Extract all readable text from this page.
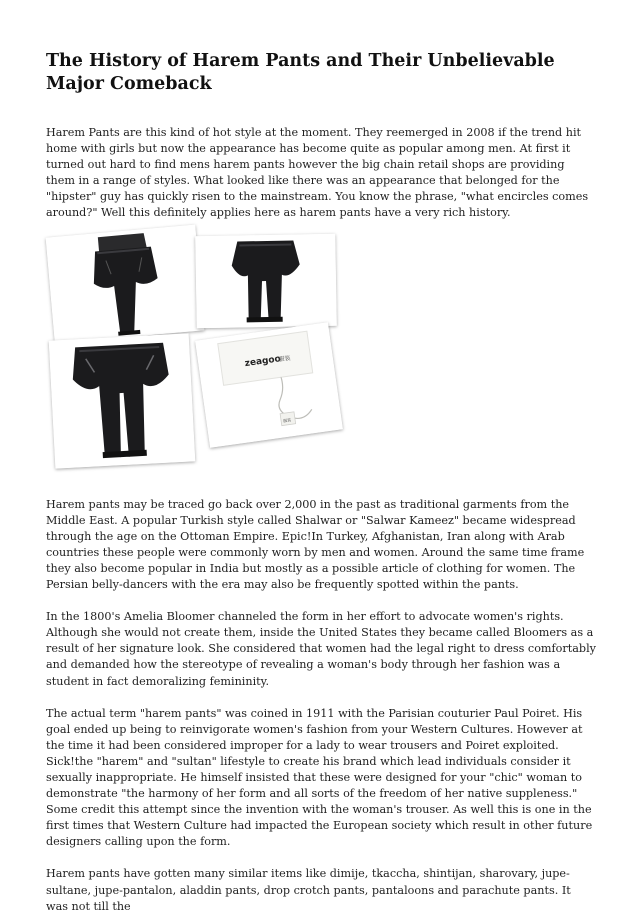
The History of Harem Pants and Their Unbelievable Major Comeback

Harem Pants are this kind of hot style at the moment. They reemerged in 2008 if the trend hit home with girls but now the appearance has become quite as popular among men. At first it turned out hard to find mens harem pants however the big chain retail shops are providing them in a range of styles. What looked like there was an appearance that belonged for the "hipster" guy has quickly risen to the mainstream. You know the phrase, "what encircles comes around?" Well this definitely applies here as harem pants have a very rich history.

zeagoo
服装
服装

Harem pants may be traced go back over 2,000 in the past as traditional garments from the Middle East. A popular Turkish style called Shalwar or "Salwar Kameez" became widespread through the age on the Ottoman Empire. Epic!In Turkey, Afghanistan, Iran along with Arab countries these people were commonly worn by men and women. Around the same time frame they also become popular in India but mostly as a possible article of clothing for women. The Persian belly-dancers with the era may also be frequently spotted within the pants.

In the 1800's Amelia Bloomer channeled the form in her effort to advocate women's rights. Although she would not create them, inside the United States they became called Bloomers as a result of her signature look. She considered that women had the legal right to dress comfortably and demanded how the stereotype of revealing a woman's body through her fashion was a student in fact demoralizing femininity.

The actual term "harem pants" was coined in 1911 with the Parisian couturier Paul Poiret. His goal ended up being to reinvigorate women's fashion from your Western Cultures. However at the time it had been considered improper for a lady to wear trousers and Poiret exploited. Sick!the "harem" and "sultan" lifestyle to create his brand which lead individuals consider it sexually inappropriate. He himself insisted that these were designed for your "chic" woman to demonstrate "the harmony of her form and all sorts of the freedom of her native suppleness." Some credit this attempt since the invention with the woman's trouser. As well this is one in the first times that Western Culture had impacted the European society which result in other future designers calling upon the form.

Harem pants have gotten many similar items like dimije, tkaccha, shintijan, sharovary, jupe-sultane, jupe-pantalon, aladdin pants, drop crotch pants, pantaloons and parachute pants. It was not till the
